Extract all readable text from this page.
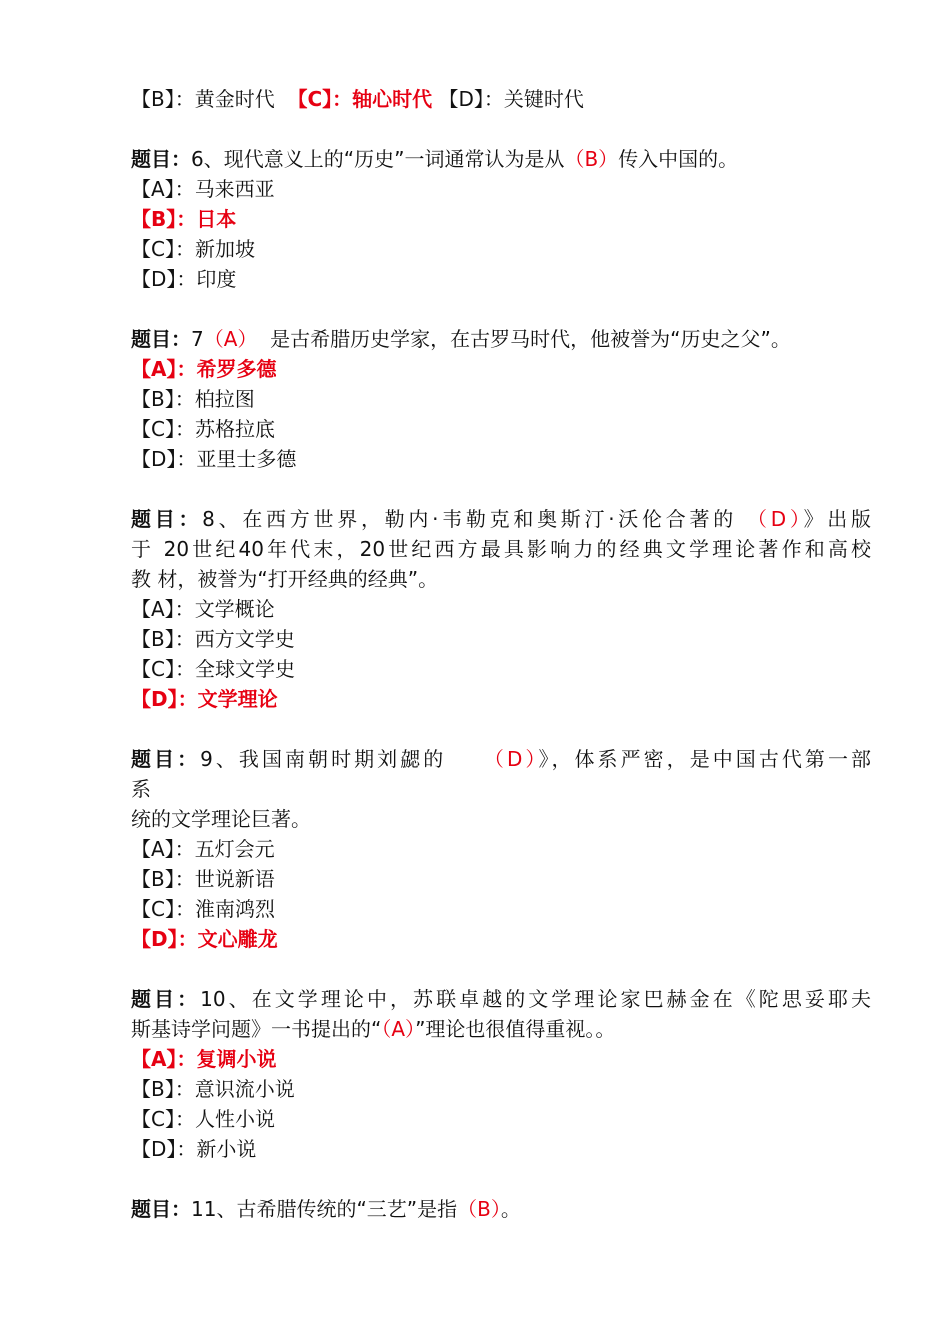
【B】：黄金时代 【C】：轴心时代 【D】：关键时代
题目：6、现代意义上的“历史”一词通常认为是从（B）传入中国的。
【A】：马来西亚
【B】：日本
【C】：新加坡
【D】：印度
题目：7（A）  是古希腊历史学家，在古罗马时代，他被誉为“历史之父”。
【A】：希罗多德
【B】：柏拉图
【C】：苏格拉底
【D】：亚里士多德
题目：8、在西方世界，勒内·韦勒克和奥斯汀·沃伦合著的 （D）》出版
于 20世纪40年代末，20世纪西方最具影响力的经典文学理论著作和高校
教 材，被誉为“打开经典的经典”。
【A】：文学概论
【B】：西方文学史
【C】：全球文学史
【D】：文学理论
题目：9、我国南朝时期刘勰的    （D）》，体系严密，是中国古代第一部
系
统的文学理论巨著。
【A】：五灯会元
【B】：世说新语
【C】：淮南鸿烈
【D】：文心雕龙
题目：10、在文学理论中，苏联卓越的文学理论家巴赫金在《陀思妥耶夫
斯基诗学问题》一书提出的“（A）”理论也很值得重视。。
【A】：复调小说
【B】：意识流小说
【C】：人性小说
【D】：新小说
题目：11、古希腊传统的“三艺”是指（B）。
